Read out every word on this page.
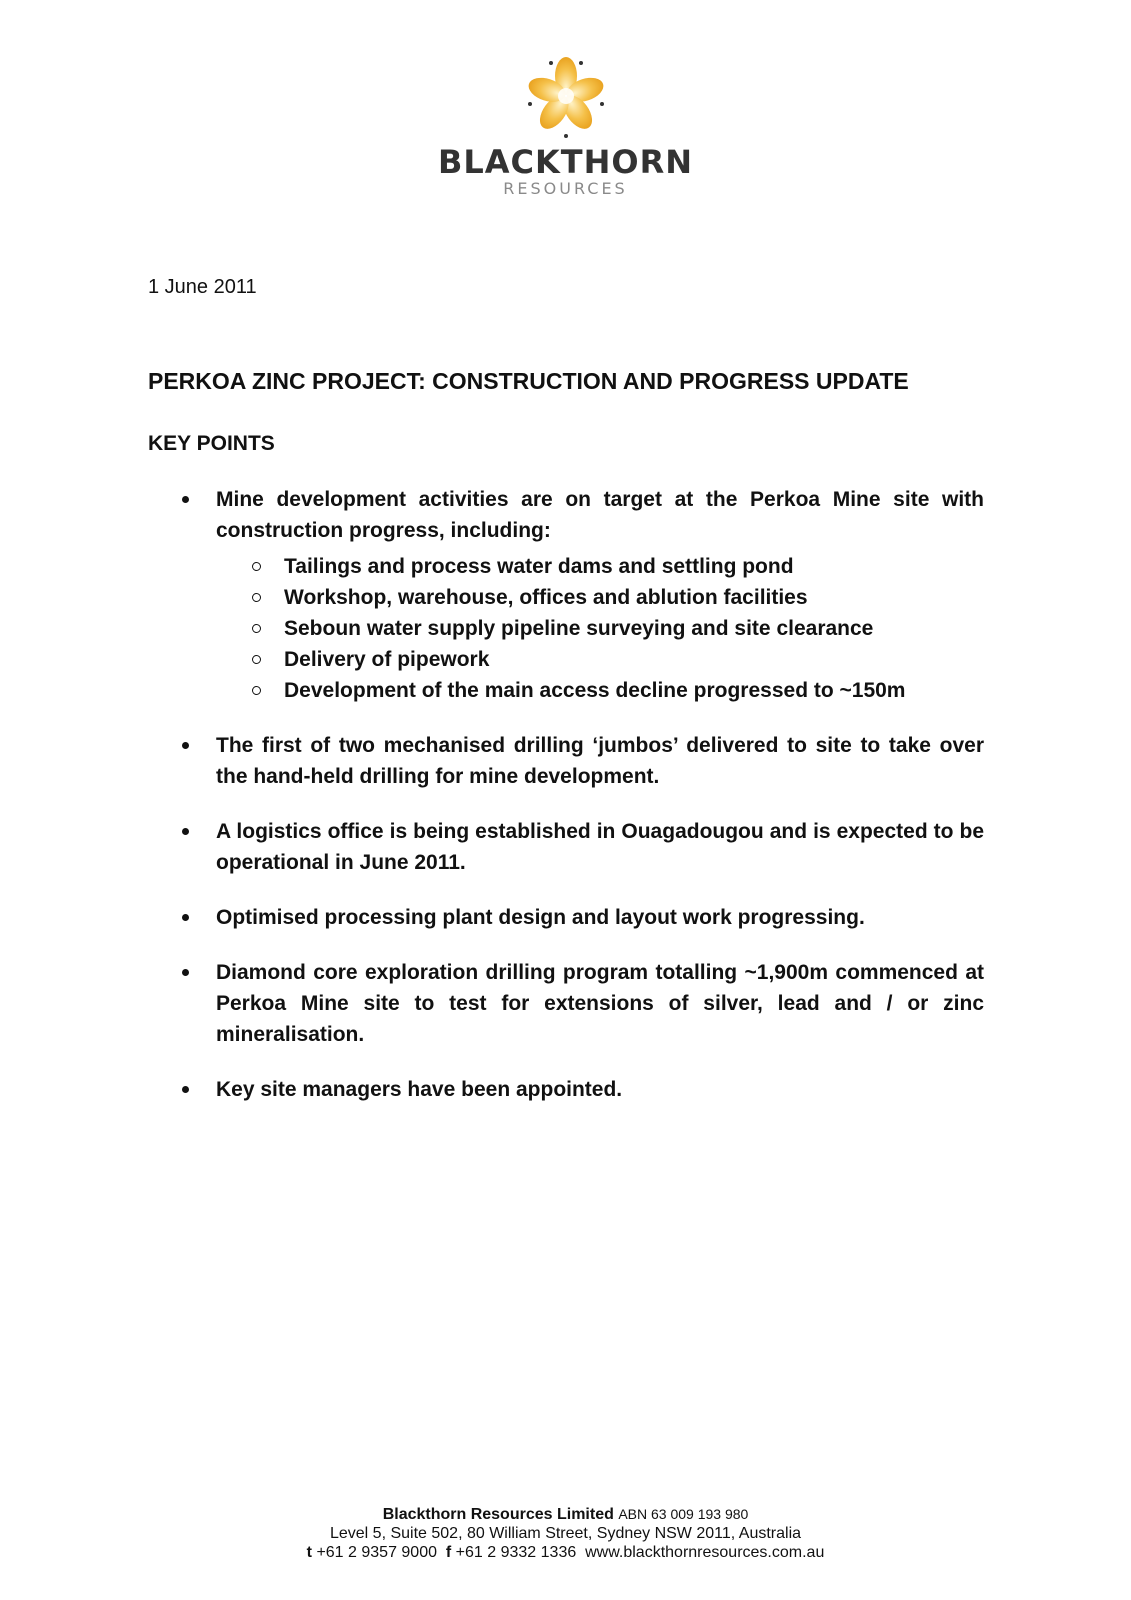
BLACKTHORN
RESOURCES
1 June 2011
PERKOA ZINC PROJECT: CONSTRUCTION AND PROGRESS UPDATE
KEY POINTS
Mine development activities are on target at the Perkoa Mine site with construction progress, including:
Tailings and process water dams and settling pond
Workshop, warehouse, offices and ablution facilities
Seboun water supply pipeline surveying and site clearance
Delivery of pipework
Development of the main access decline progressed to ~150m
The first of two mechanised drilling ‘jumbos’ delivered to site to take over the hand-held drilling for mine development.
A logistics office is being established in Ouagadougou and is expected to be operational in June 2011.
Optimised processing plant design and layout work progressing.
Diamond core exploration drilling program totalling ~1,900m commenced at Perkoa Mine site to test for extensions of silver, lead and / or zinc mineralisation.
Key site managers have been appointed.
Blackthorn Resources Limited ABN 63 009 193 980
Level 5, Suite 502, 80 William Street, Sydney NSW 2011, Australia
t +61 2 9357 9000 f +61 2 9332 1336 www.blackthornresources.com.au
